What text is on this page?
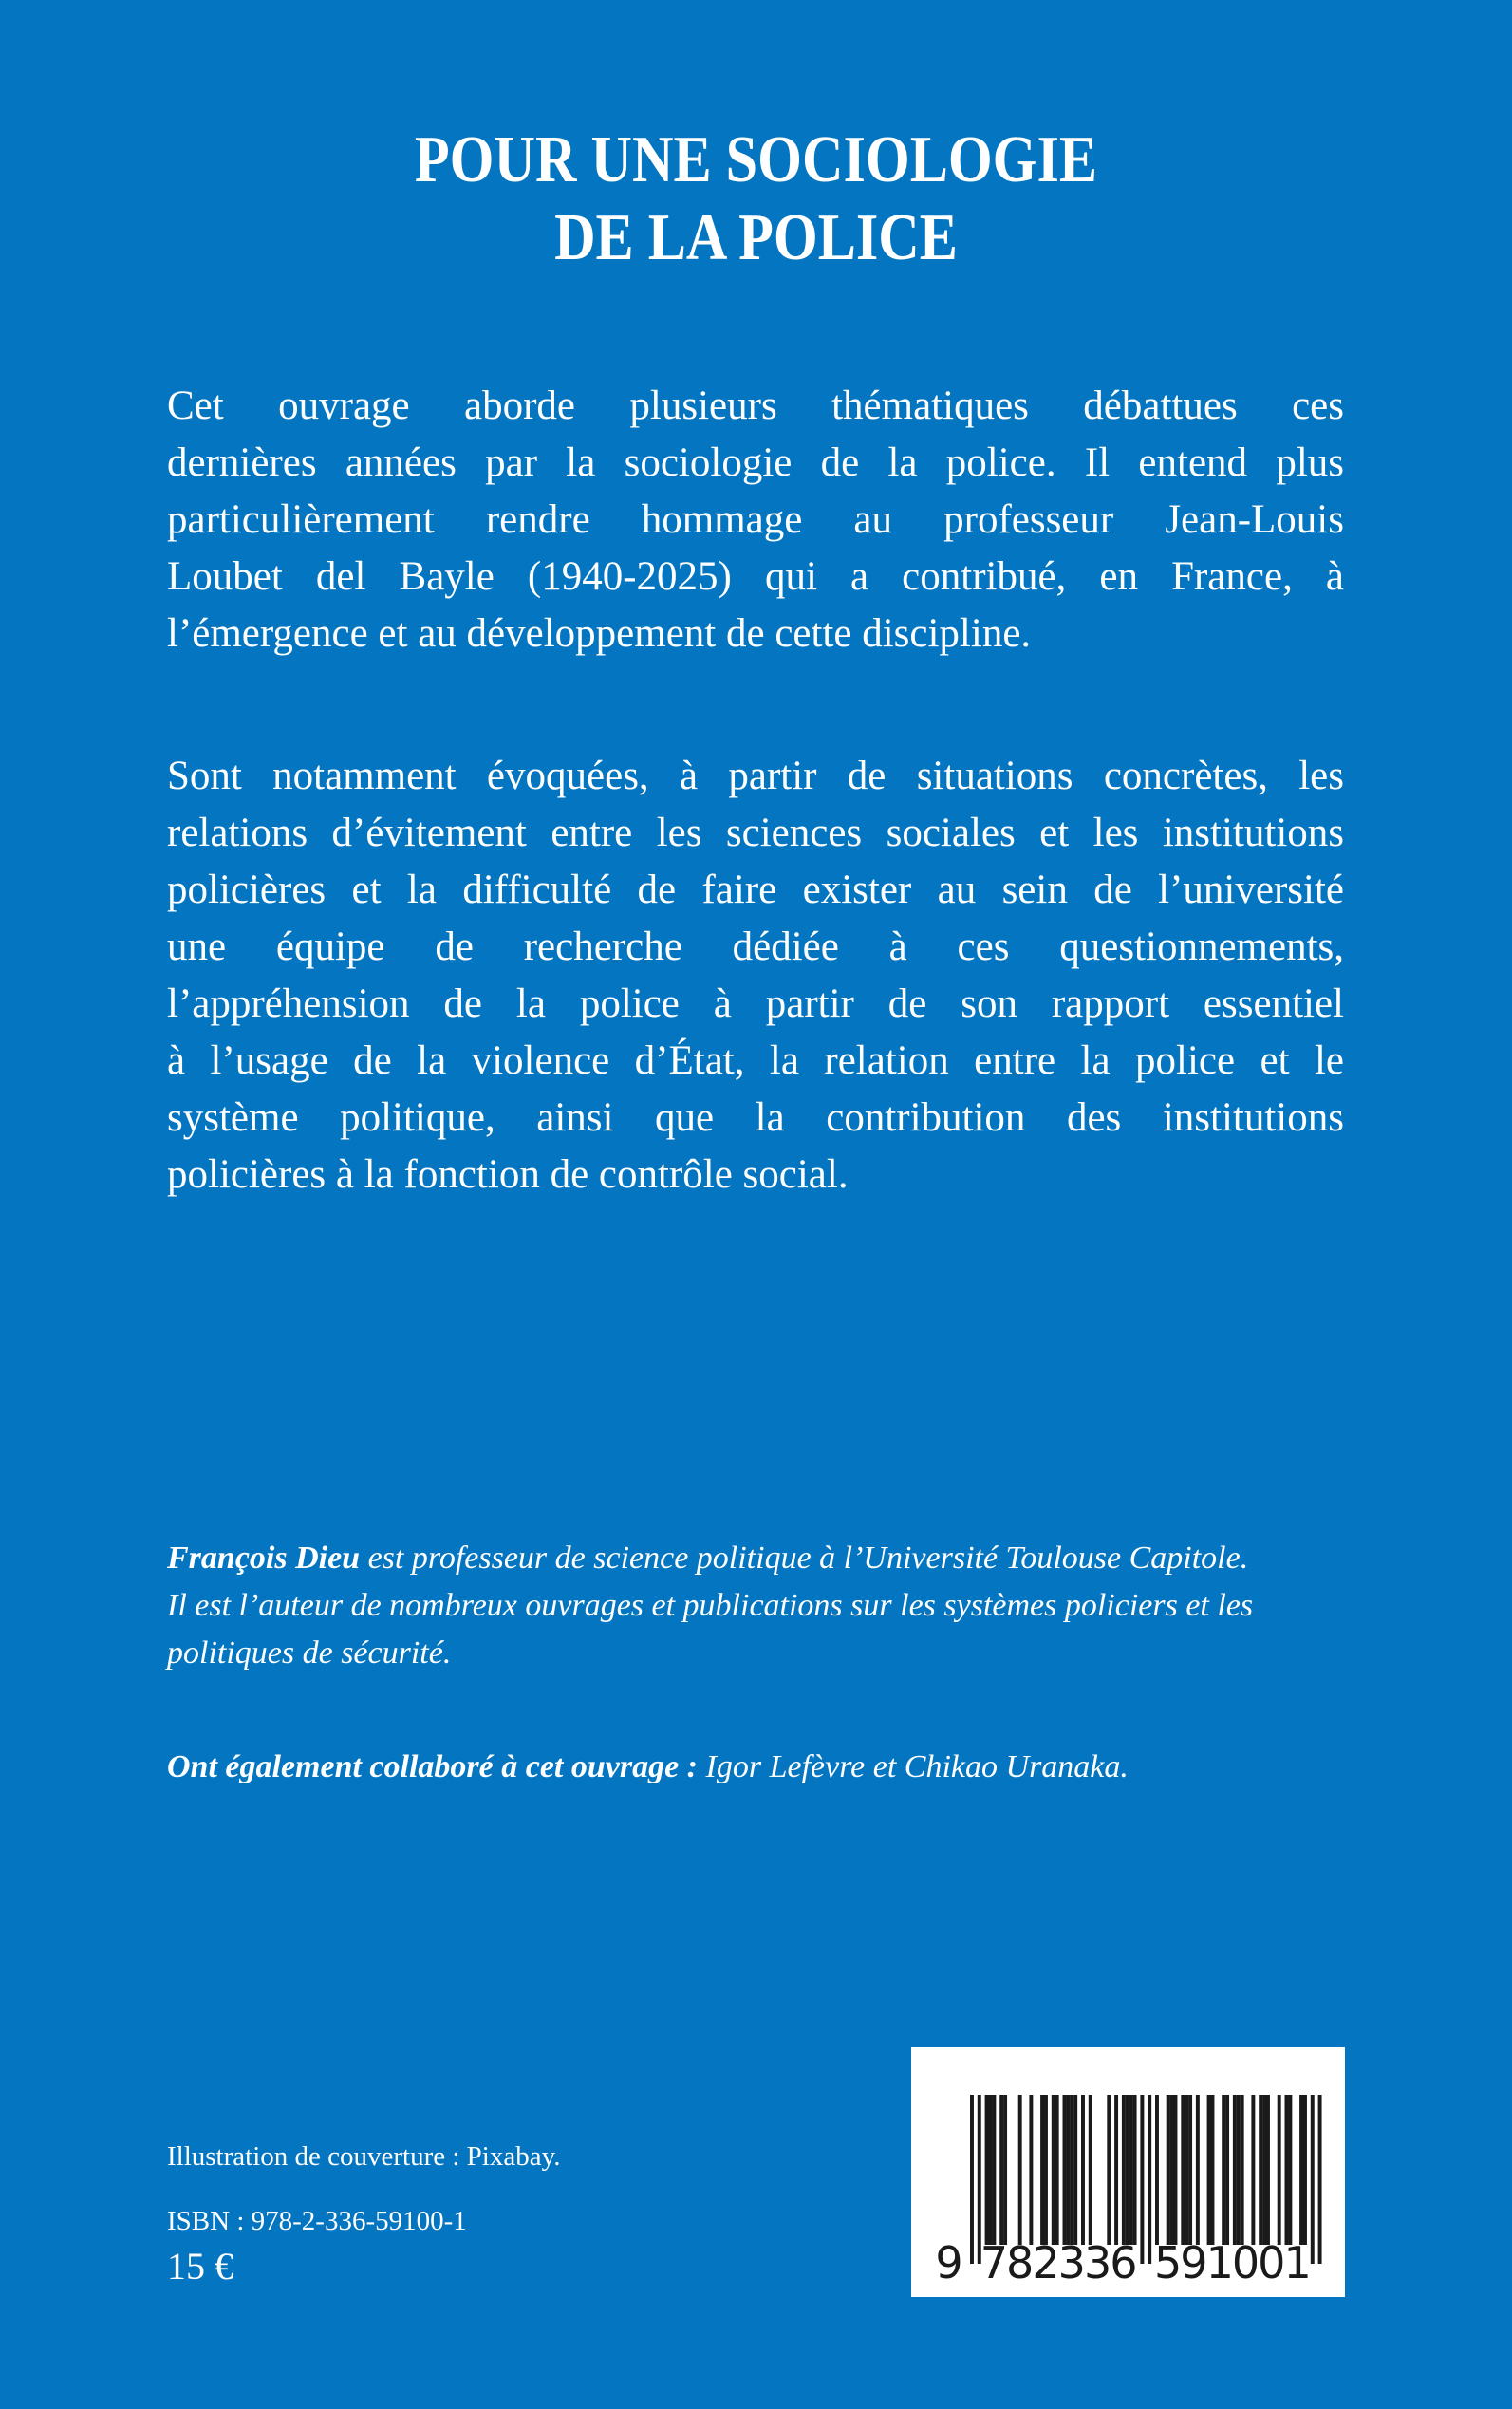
POUR UNE SOCIOLOGIE
DE LA POLICE
Cet ouvrage aborde plusieurs thématiques débattues ces
dernières années par la sociologie de la police. Il entend plus
particulièrement rendre hommage au professeur Jean-Louis
Loubet del Bayle (1940-2025) qui a contribué, en France, à
l’émergence et au développement de cette discipline.
Sont notamment évoquées, à partir de situations concrètes, les
relations d’évitement entre les sciences sociales et les institutions
policières et la difficulté de faire exister au sein de l’université
une équipe de recherche dédiée à ces questionnements,
l’appréhension de la police à partir de son rapport essentiel
à l’usage de la violence d’État, la relation entre la police et le
système politique, ainsi que la contribution des institutions
policières à la fonction de contrôle social.
François Dieu est professeur de science politique à l’Université Toulouse Capitole.
Il est l’auteur de nombreux ouvrages et publications sur les systèmes policiers et les
politiques de sécurité.
Ont également collaboré à cet ouvrage : Igor Lefèvre et Chikao Uranaka.
Illustration de couverture : Pixabay.
ISBN : 978-2-336-59100-1
15 €	9 7
8
2
3
3
6 5
9
1
0
0
1
